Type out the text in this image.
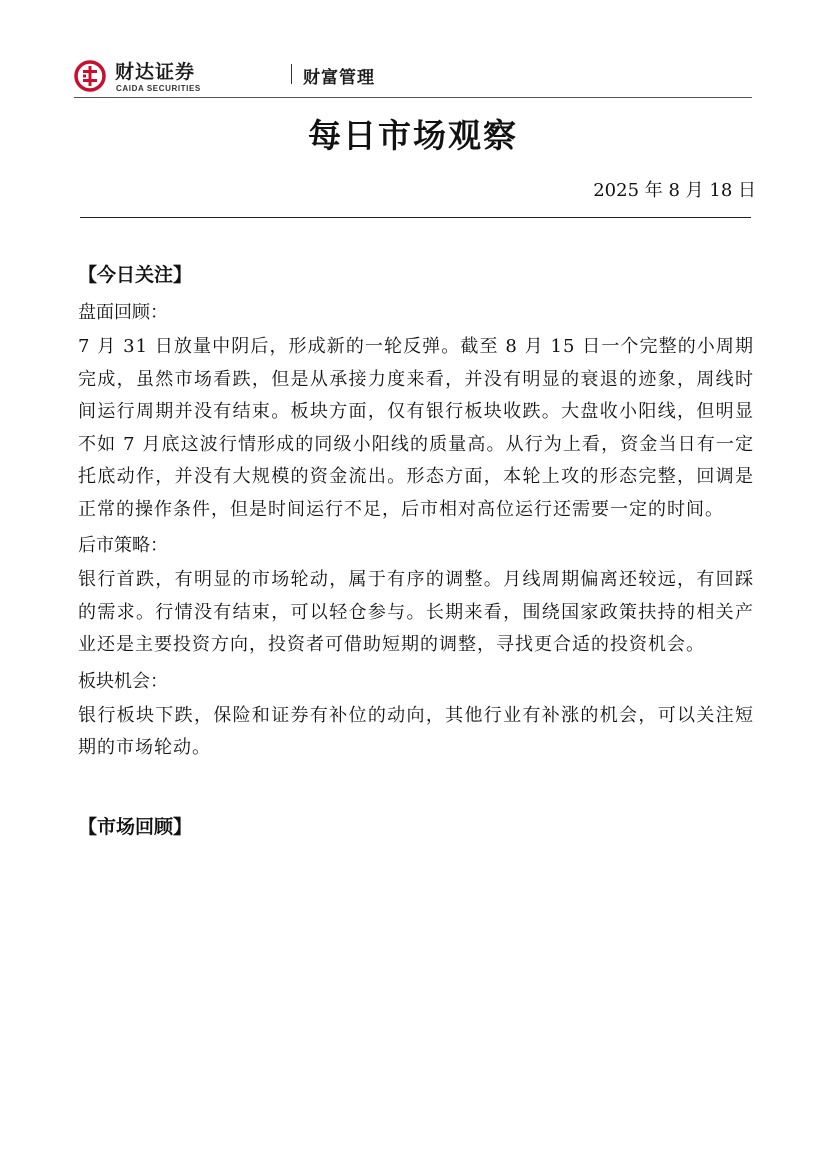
财达证券
CAIDA SECURITIES
财富管理
每日市场观察
2025 年 8 月 18 日

【今日关注】

盘面回顾：

7 月 31 日放量中阴后，形成新的一轮反弹。截至 8 月 15 日一个完整的小周期完成，虽然市场看跌，但是从承接力度来看，并没有明显的衰退的迹象，周线时间运行周期并没有结束。板块方面，仅有银行板块收跌。大盘收小阳线，但明显不如 7 月底这波行情形成的同级小阳线的质量高。从行为上看，资金当日有一定托底动作，并没有大规模的资金流出。形态方面，本轮上攻的形态完整，回调是正常的操作条件，但是时间运行不足，后市相对高位运行还需要一定的时间。

后市策略：

银行首跌，有明显的市场轮动，属于有序的调整。月线周期偏离还较远，有回踩的需求。行情没有结束，可以轻仓参与。长期来看，围绕国家政策扶持的相关产业还是主要投资方向，投资者可借助短期的调整，寻找更合适的投资机会。

板块机会：

银行板块下跌，保险和证券有补位的动向，其他行业有补涨的机会，可以关注短期的市场轮动。

【市场回顾】
